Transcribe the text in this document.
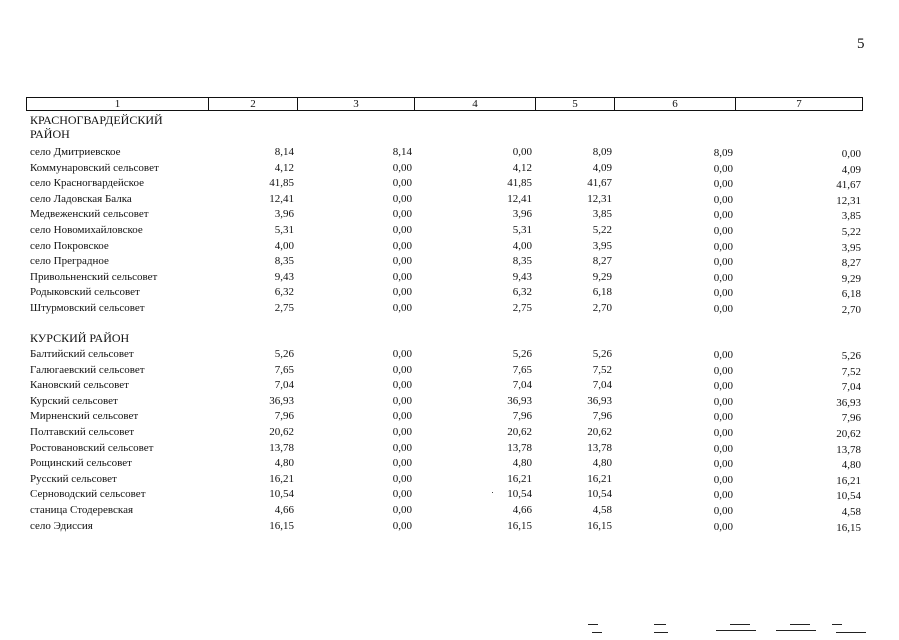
5
1	2	3	4	5	6	7
КРАСНОГВАРДЕЙСКИЙ
РАЙОН
село Дмитриевское	8,14	8,14	0,00	8,09	8,09	0,00
Коммунаровский сельсовет	4,12	0,00	4,12	4,09	0,00	4,09
село Красногвардейское	41,85	0,00	41,85	41,67	0,00	41,67
село Ладовская Балка	12,41	0,00	12,41	12,31	0,00	12,31
Медвеженский сельсовет	3,96	0,00	3,96	3,85	0,00	3,85
село Новомихайловское	5,31	0,00	5,31	5,22	0,00	5,22
село Покровское	4,00	0,00	4,00	3,95	0,00	3,95
село Преградное	8,35	0,00	8,35	8,27	0,00	8,27
Привольненский сельсовет	9,43	0,00	9,43	9,29	0,00	9,29
Родыковский сельсовет	6,32	0,00	6,32	6,18	0,00	6,18
Штурмовский сельсовет	2,75	0,00	2,75	2,70	0,00	2,70
КУРСКИЙ РАЙОН
Балтийский сельсовет	5,26	0,00	5,26	5,26	0,00	5,26
Галюгаевский сельсовет	7,65	0,00	7,65	7,52	0,00	7,52
Кановский сельсовет	7,04	0,00	7,04	7,04	0,00	7,04
Курский сельсовет	36,93	0,00	36,93	36,93	0,00	36,93
Мирненский сельсовет	7,96	0,00	7,96	7,96	0,00	7,96
Полтавский сельсовет	20,62	0,00	20,62	20,62	0,00	20,62
Ростовановский сельсовет	13,78	0,00	13,78	13,78	0,00	13,78
Рощинский сельсовет	4,80	0,00	4,80	4,80	0,00	4,80
Русский сельсовет	16,21	0,00	16,21	16,21	0,00	16,21
Серноводский сельсовет	10,54	0,00	10,54	10,54	0,00	10,54
станица Стодеревская	4,66	0,00	4,66	4,58	0,00	4,58
село Эдиссия	16,15	0,00	16,15	16,15	0,00	16,15
